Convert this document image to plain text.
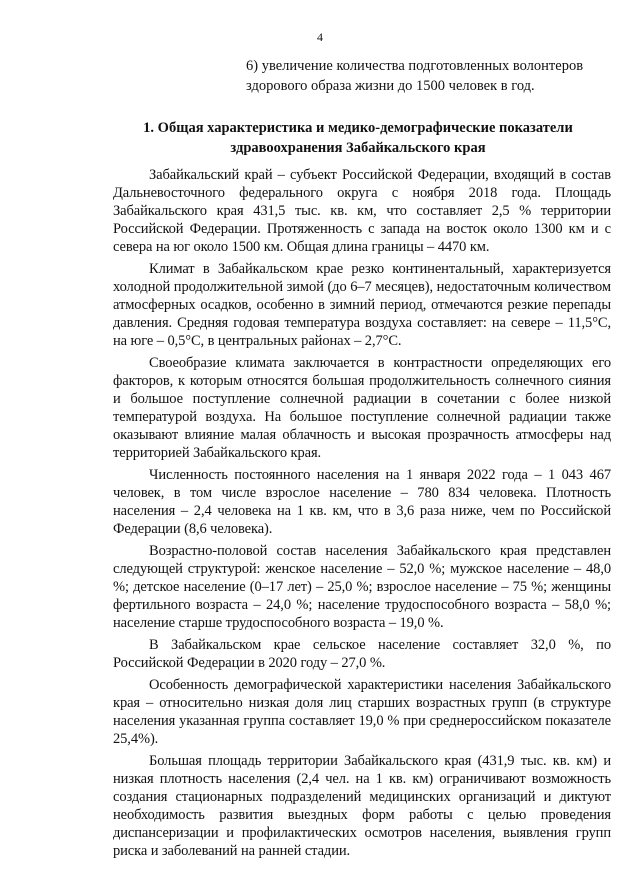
4
6) увеличение количества подготовленных волонтеров здорового образа жизни до 1500 человек в год.
1. Общая характеристика и медико-демографические показатели здравоохранения Забайкальского края

Забайкальский край – субъект Российской Федерации, входящий в состав Дальневосточного федерального округа с ноября 2018 года. Площадь Забайкальского края 431,5 тыс. кв. км, что составляет 2,5 % территории Российской Федерации. Протяженность с запада на восток около 1300 км и с севера на юг около 1500 км. Общая длина границы – 4470 км.

Климат в Забайкальском крае резко континентальный, характеризуется холодной продолжительной зимой (до 6–7 месяцев), недостаточным количеством атмосферных осадков, особенно в зимний период, отмечаются резкие перепады давления. Средняя годовая температура воздуха составляет: на севере – 11,5°С, на юге – 0,5°С, в центральных районах – 2,7°С.

Своеобразие климата заключается в контрастности определяющих его факторов, к которым относятся большая продолжительность солнечного сияния и большое поступление солнечной радиации в сочетании с более низкой температурой воздуха. На большое поступление солнечной радиации также оказывают влияние малая облачность и высокая прозрачность атмосферы над территорией Забайкальского края.

Численность постоянного населения на 1 января 2022 года – 1 043 467 человек, в том числе взрослое население – 780 834 человека. Плотность населения – 2,4 человека на 1 кв. км, что в 3,6 раза ниже, чем по Российской Федерации (8,6 человека).

Возрастно-половой состав населения Забайкальского края представлен следующей структурой: женское население – 52,0 %; мужское население – 48,0 %; детское население (0–17 лет) – 25,0 %; взрослое население – 75 %; женщины фертильного возраста – 24,0 %; население трудоспособного возраста – 58,0 %; население старше трудоспособного возраста – 19,0 %.

В Забайкальском крае сельское население составляет 32,0 %, по Российской Федерации в 2020 году – 27,0 %.

Особенность демографической характеристики населения Забайкальского края – относительно низкая доля лиц старших возрастных групп (в структуре населения указанная группа составляет 19,0 % при среднероссийском показателе 25,4%).

Большая площадь территории Забайкальского края (431,9 тыс. кв. км) и низкая плотность населения (2,4 чел. на 1 кв. км) ограничивают возможность создания стационарных подразделений медицинских организаций и диктуют необходимость развития выездных форм работы с целью проведения диспансеризации и профилактических осмотров населения, выявления групп риска и заболеваний на ранней стадии.
